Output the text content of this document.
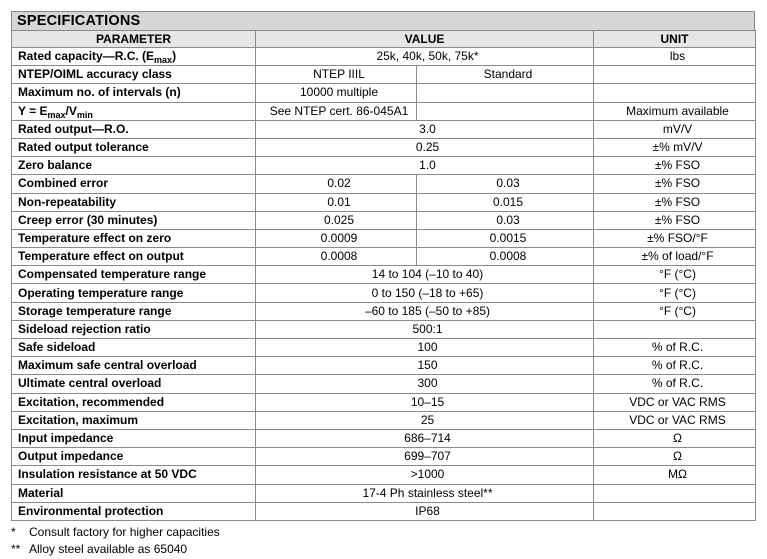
SPECIFICATIONS
PARAMETER	VALUE		UNIT
Rated capacity—R.C. $(E_{max})$	25k, 40k, 50k, 75k*		lbs
NTEP/OIML accuracy class	NTEP IIIL	Standard	
Maximum no. of intervals (n)	10000 multiple		
$Y = E_{max}/V_{min}$	See NTEP cert. 86-045A1		Maximum available
Rated output—R.O.	3.0		mV/V
Rated output tolerance	0.25		±% mV/V
Zero balance	1.0		±% FSO
Combined error	0.02	0.03	±% FSO
Non-repeatability	0.01	0.015	±% FSO
Creep error (30 minutes)	0.025	0.03	±% FSO
Temperature effect on zero	0.0009	0.0015	±% FSO/°F
Temperature effect on output	0.0008	0.0008	±% of load/°F
Compensated temperature range	14 to 104 (–10 to 40)		°F (°C)
Operating temperature range	0 to 150 (–18 to +65)		°F (°C)
Storage temperature range	–60 to 185 (–50 to +85)		°F (°C)
Sideload rejection ratio	500:1		
Safe sideload	100		% of R.C.
Maximum safe central overload	150		% of R.C.
Ultimate central overload	300		% of R.C.
Excitation, recommended	10–15		VDC or VAC RMS
Excitation, maximum	25		VDC or VAC RMS
Input impedance	686–714		Ω
Output impedance	699–707		Ω
Insulation resistance at 50 VDC	>1000		MΩ
Material	17-4 Ph stainless steel**		
Environmental protection	IP68		
*	Consult factory for higher capacities
** Alloy steel available as 65040
